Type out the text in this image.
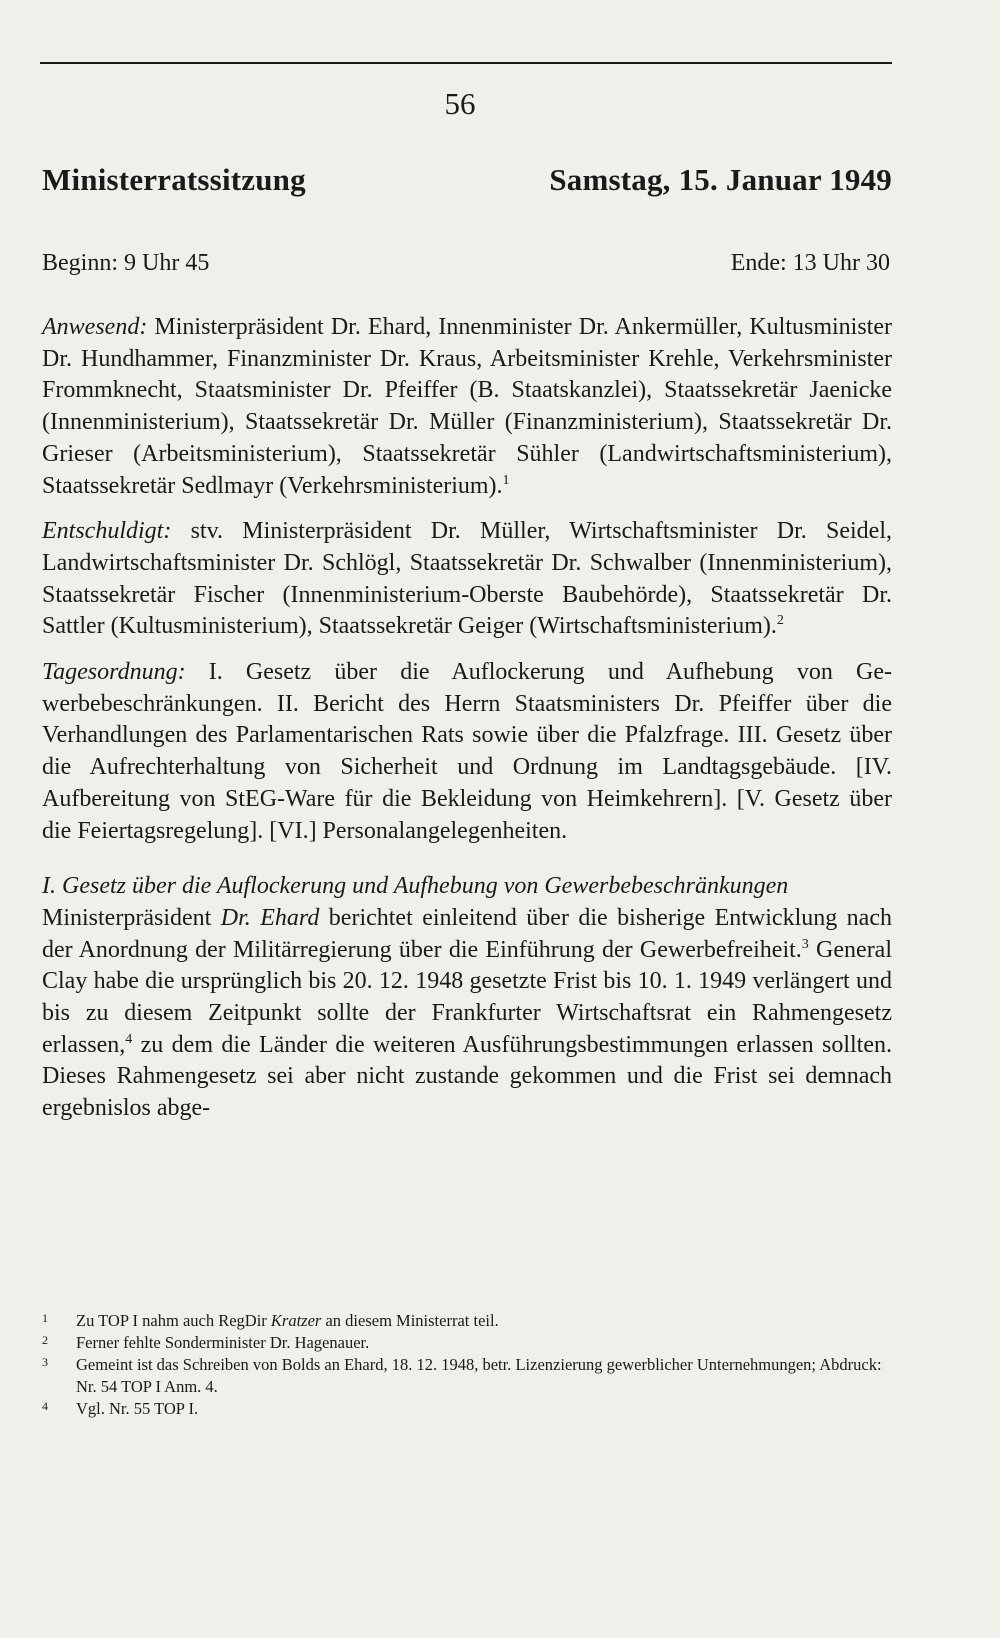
56
Ministerratssitzung	Samstag, 15. Januar 1949
Beginn: 9 Uhr 45	Ende: 13 Uhr 30

Anwesend: Ministerpräsident Dr. Ehard, Innenminister Dr. Ankermüller, Kultusminister Dr. Hundhammer, Finanzminister Dr. Kraus, Arbeitsminister Krehle, Verkehrsminister Frommknecht, Staatsminister Dr. Pfeiffer (B. Staatskanzlei), Staatssekretär Jaenicke (Innenministerium), Staatssekretär Dr. Müller (Finanzministerium), Staatssekretär Dr. Grieser (Arbeitsministerium), Staatssekretär Sühler (Landwirtschaftsministerium), Staatssekretär Sedlmayr (Verkehrsministerium).$^1$

Entschuldigt: stv. Ministerpräsident Dr. Müller, Wirtschaftsminister Dr. Seidel, Landwirtschaftsminister Dr. Schlögl, Staatssekretär Dr. Schwalber (Innenministerium), Staatssekretär Fischer (Innenministerium-Oberste Baubehörde), Staatssekretär Dr. Sattler (Kultusministerium), Staatssekretär Geiger (Wirtschaftsministerium).$^2$

Tagesordnung: I. Gesetz über die Auflockerung und Aufhebung von Gewerbebeschränkungen. II. Bericht des Herrn Staatsministers Dr. Pfeiffer über die Verhandlungen des Parlamentarischen Rats sowie über die Pfalzfrage. III. Gesetz über die Aufrechterhaltung von Sicherheit und Ordnung im Landtagsgebäude. [IV. Aufbereitung von StEG-Ware für die Bekleidung von Heimkehrern]. [V. Gesetz über die Feiertagsregelung]. [VI.] Personalangelegenheiten.

I. Gesetz über die Auflockerung und Aufhebung von Gewerbebeschränkungen

Ministerpräsident Dr. Ehard berichtet einleitend über die bisherige Entwicklung nach der Anordnung der Militärregierung über die Einführung der Gewerbefreiheit.$^3$ General Clay habe die ursprünglich bis 20. 12. 1948 gesetzte Frist bis 10. 1. 1949 verlängert und bis zu diesem Zeitpunkt sollte der Frankfurter Wirtschaftsrat ein Rahmengesetz erlassen,$^4$ zu dem die Länder die weiteren Ausführungsbestimmungen erlassen sollten. Dieses Rahmengesetz sei aber nicht zustande gekommen und die Frist sei demnach ergebnislos abge-

1	Zu TOP I nahm auch RegDir Kratzer an diesem Ministerrat teil.
2	Ferner fehlte Sonderminister Dr. Hagenauer.
3	Gemeint ist das Schreiben von Bolds an Ehard, 18. 12. 1948, betr. Lizenzierung gewerblicher Unternehmungen; Abdruck: Nr. 54 TOP I Anm. 4.
4	Vgl. Nr. 55 TOP I.
